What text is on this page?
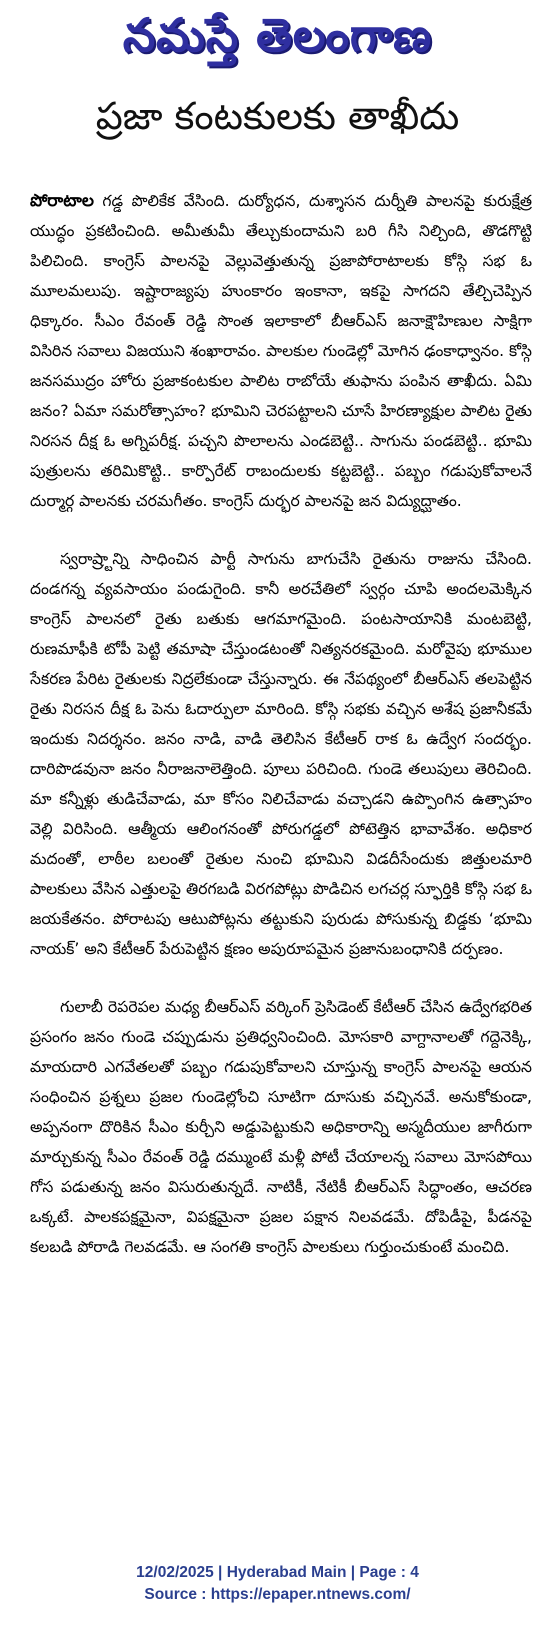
నమస్తే తెలంగాణ
ప్రజా కంటకులకు తాఖీదు

పోరాటాల గడ్డ పొలికేక వేసింది. దుర్యోధన, దుశ్శాసన దుర్నీతి పాలనపై కురుక్షేత్ర యుద్ధం ప్రకటించింది. అమీతుమీ తేల్చుకుందామని బరి గీసి నిల్చింది, తొడగొట్టి పిలిచింది. కాంగ్రెస్ పాలనపై వెల్లువెత్తుతున్న ప్రజాపోరాటాలకు కోస్గి సభ ఓ మూలమలుపు. ఇష్టారాజ్యపు హుంకారం ఇంకానా, ఇకపై సాగదని తేల్చిచెప్పిన ధిక్కారం. సీఎం రేవంత్ రెడ్డి సొంత ఇలాకాలో బీఆర్ఎస్ జనాక్షౌహిణుల సాక్షిగా విసిరిన సవాలు విజయుని శంఖారావం. పాలకుల గుండెల్లో మోగిన ఢంకాధ్వానం. కోస్గి జనసముద్రం హోరు ప్రజాకంటకుల పాలిట రాబోయే తుఫాను పంపిన తాఖీదు. ఏమి జనం? ఏమా సమరోత్సాహం? భూమిని చెరపట్టాలని చూసే హిరణ్యాక్షుల పాలిట రైతు నిరసన దీక్ష ఓ అగ్నిపరీక్ష. పచ్చని పొలాలను ఎండబెట్టి.. సాగును పండబెట్టి.. భూమి పుత్రులను తరిమికొట్టి.. కార్పొరేట్ రాబందులకు కట్టబెట్టి.. పబ్బం గడుపుకోవాలనే దుర్మార్గ పాలనకు చరమగీతం. కాంగ్రెస్ దుర్భర పాలనపై జన విద్యుద్ఘాతం.

స్వరాష్ర్టాన్ని సాధించిన పార్టీ సాగును బాగుచేసి రైతును రాజును చేసింది. దండగన్న వ్యవసాయం పండుగైంది. కానీ అరచేతిలో స్వర్గం చూపి అందలమెక్కిన కాంగ్రెస్ పాలనలో రైతు బతుకు ఆగమాగమైంది. పంటసాయానికి మంటబెట్టి, రుణమాఫీకి టోపీ పెట్టి తమాషా చేస్తుండటంతో నిత్యనరకమైంది. మరోవైపు భూముల సేకరణ పేరిట రైతులకు నిద్రలేకుండా చేస్తున్నారు. ఈ నేపథ్యంలో బీఆర్ఎస్ తలపెట్టిన రైతు నిరసన దీక్ష ఓ పెను ఓదార్పులా మారింది. కోస్గి సభకు వచ్చిన అశేష ప్రజానీకమే ఇందుకు నిదర్శనం. జనం నాడి, వాడి తెలిసిన కేటీఆర్ రాక ఓ ఉద్వేగ సందర్భం. దారిపొడవునా జనం నీరాజనాలెత్తింది. పూలు పరిచింది. గుండె తలుపులు తెరిచింది. మా కన్నీళ్లు తుడిచేవాడు, మా కోసం నిలిచేవాడు వచ్చాడని ఉప్పొంగిన ఉత్సాహం వెల్లి విరిసింది. ఆత్మీయ ఆలింగనంతో పోరుగడ్డలో పోటెత్తిన భావావేశం. అధికార మదంతో, లాఠీల బలంతో రైతుల నుంచి భూమిని విడదీసేందుకు జిత్తులమారి పాలకులు వేసిన ఎత్తులపై తిరగబడి విరగపోట్లు పొడిచిన లగచర్ల స్ఫూర్తికి కోస్గి సభ ఓ జయకేతనం. పోరాటపు ఆటుపోట్లను తట్టుకుని పురుడు పోసుకున్న బిడ్డకు ‘భూమి నాయక్’ అని కేటీఆర్ పేరుపెట్టిన క్షణం అపురూపమైన ప్రజానుబంధానికి దర్పణం.

గులాబీ రెపరెపల మధ్య బీఆర్ఎస్ వర్కింగ్ ప్రెసిడెంట్ కేటీఆర్ చేసిన ఉద్వేగభరిత ప్రసంగం జనం గుండె చప్పుడును ప్రతిధ్వనించింది. మోసకారి వాగ్దానాలతో గద్దెనెక్కి, మాయదారి ఎగవేతలతో పబ్బం గడుపుకోవాలని చూస్తున్న కాంగ్రెస్ పాలనపై ఆయన సంధించిన ప్రశ్నలు ప్రజల గుండెల్లోంచి సూటిగా దూసుకు వచ్చినవే. అనుకోకుండా, అప్పనంగా దొరికిన సీఎం కుర్చీని అడ్డుపెట్టుకుని అధికారాన్ని అస్మదీయుల జాగీరుగా మార్చుకున్న సీఎం రేవంత్ రెడ్డి దమ్ముంటే మళ్లీ పోటీ చేయాలన్న సవాలు మోసపోయి గోస పడుతున్న జనం విసురుతున్నదే. నాటికీ, నేటికీ బీఆర్ఎస్ సిద్ధాంతం, ఆచరణ ఒక్కటే. పాలకపక్షమైనా, విపక్షమైనా ప్రజల పక్షాన నిలవడమే. దోపిడీపై, పీడనపై కలబడి పోరాడి గెలవడమే. ఆ సంగతి కాంగ్రెస్ పాలకులు గుర్తుంచుకుంటే మంచిది.

12/02/2025 | Hyderabad Main | Page : 4
Source : https://epaper.ntnews.com/
